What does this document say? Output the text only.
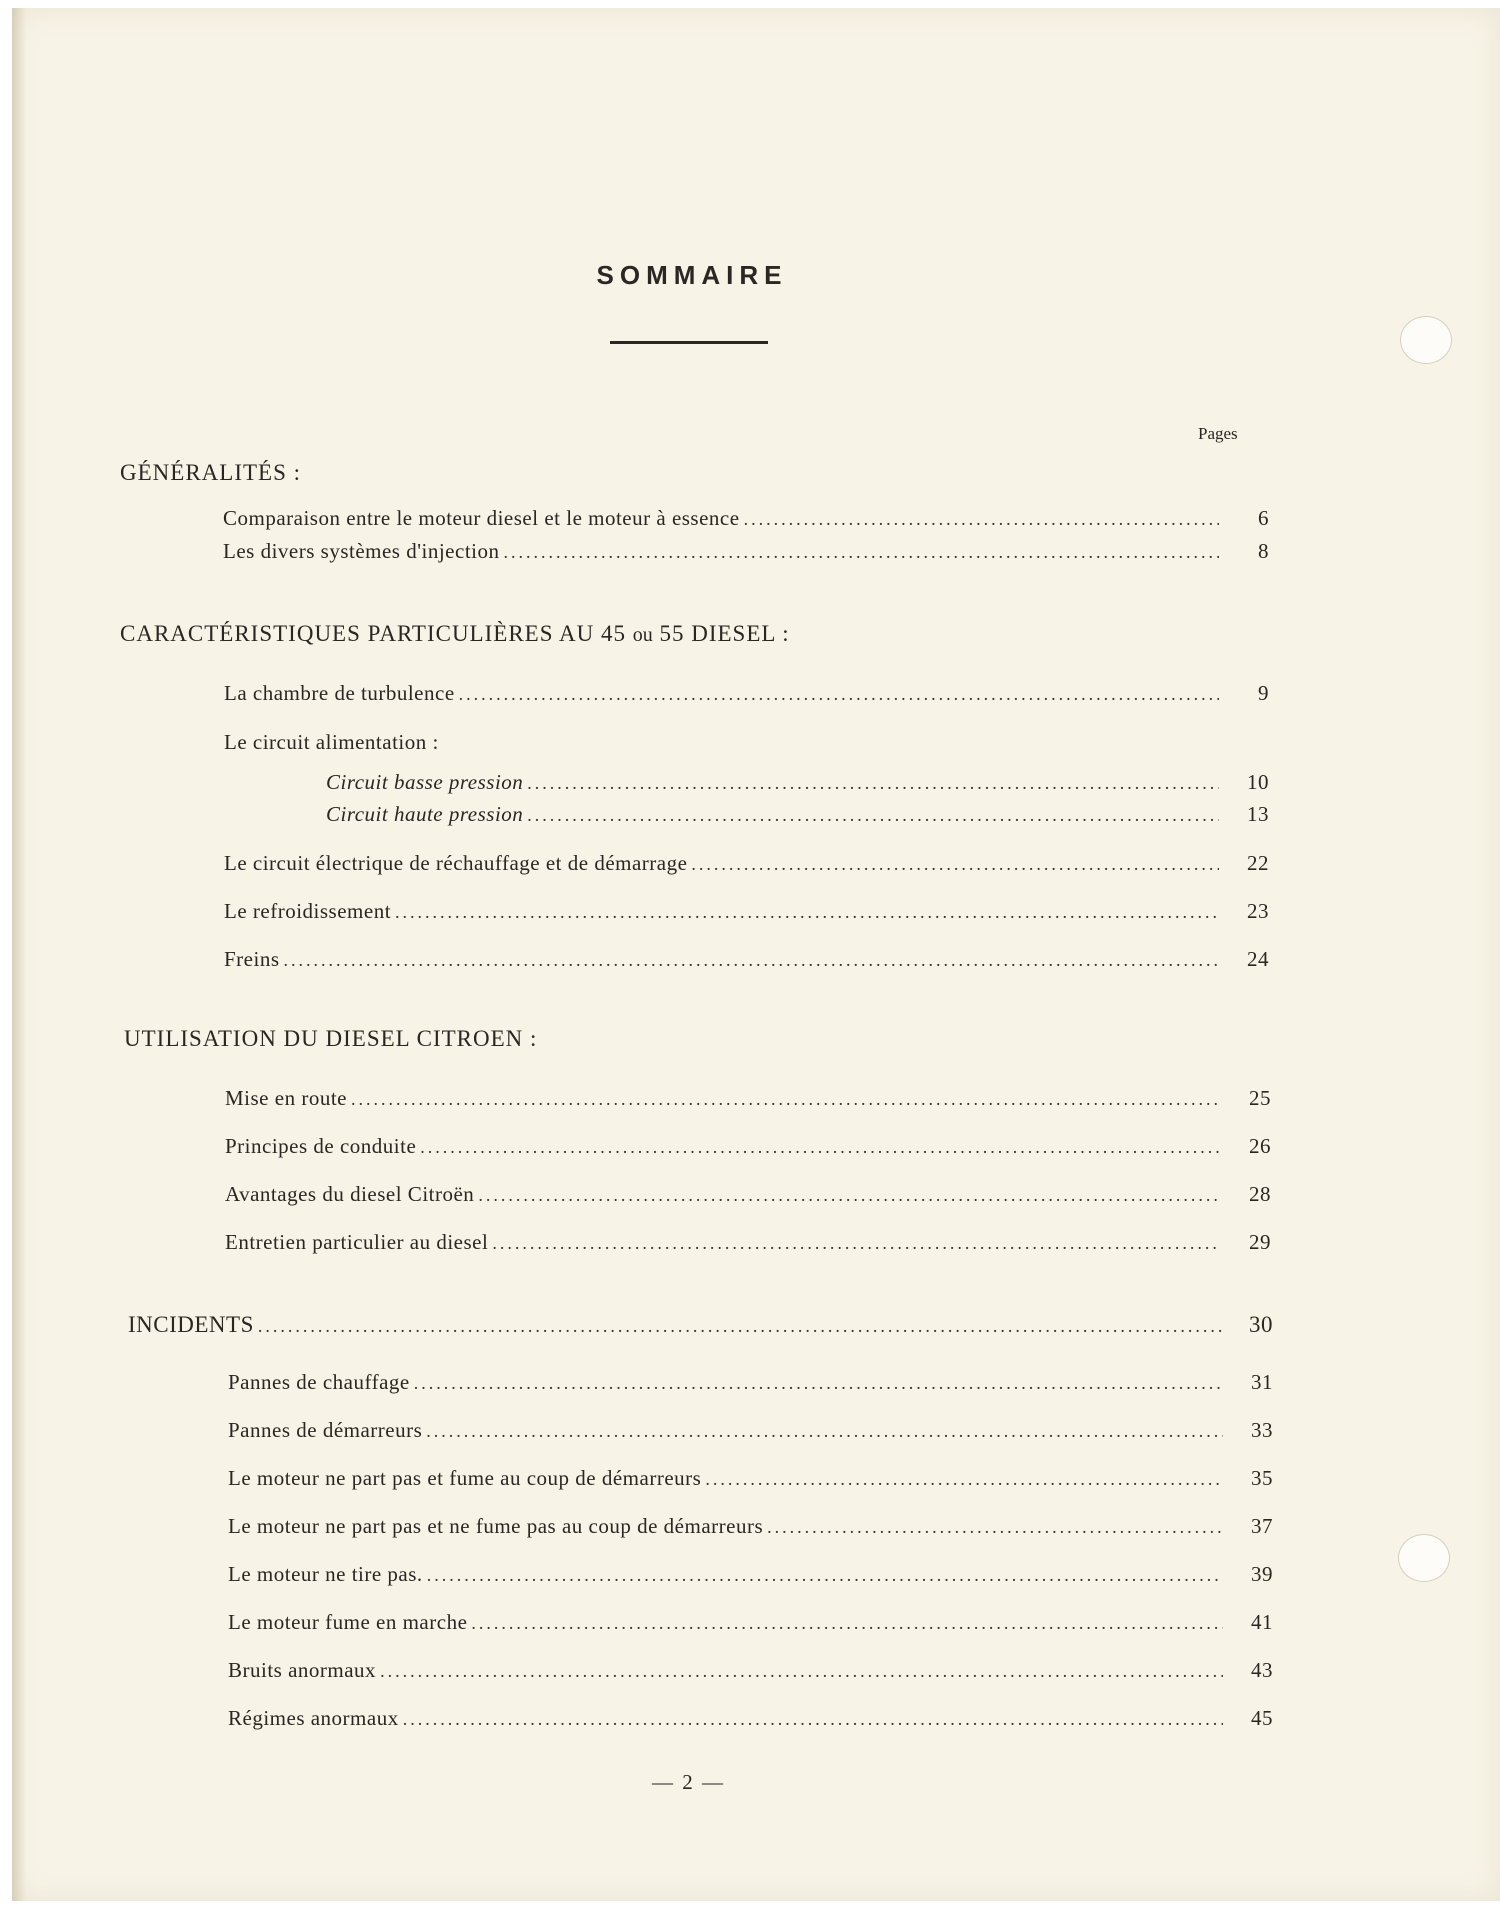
SOMMAIRE
Pages
GÉNÉRALITÉS :
Comparaison entre le moteur diesel et le moteur à essence .....	6
Les divers systèmes d'injection .....	8
CARACTÉRISTIQUES PARTICULIÈRES AU 45 ou 55 DIESEL :
La chambre de turbulence .....	9
Le circuit alimentation :
Circuit basse pression .....	10
Circuit haute pression .....	13
Le circuit électrique de réchauffage et de démarrage .....	22
Le refroidissement .....	23
Freins .....	24
UTILISATION DU DIESEL CITROEN :
Mise en route .....	25
Principes de conduite .....	26
Avantages du diesel Citroën .....	28
Entretien particulier au diesel .....	29
INCIDENTS .....	30
Pannes de chauffage .....	31
Pannes de démarreurs .....	33
Le moteur ne part pas et fume au coup de démarreurs .....	35
Le moteur ne part pas et ne fume pas au coup de démarreurs .....	37
Le moteur ne tire pas. .....	39
Le moteur fume en marche .....	41
Bruits anormaux .....	43
Régimes anormaux .....	45
— 2 —
